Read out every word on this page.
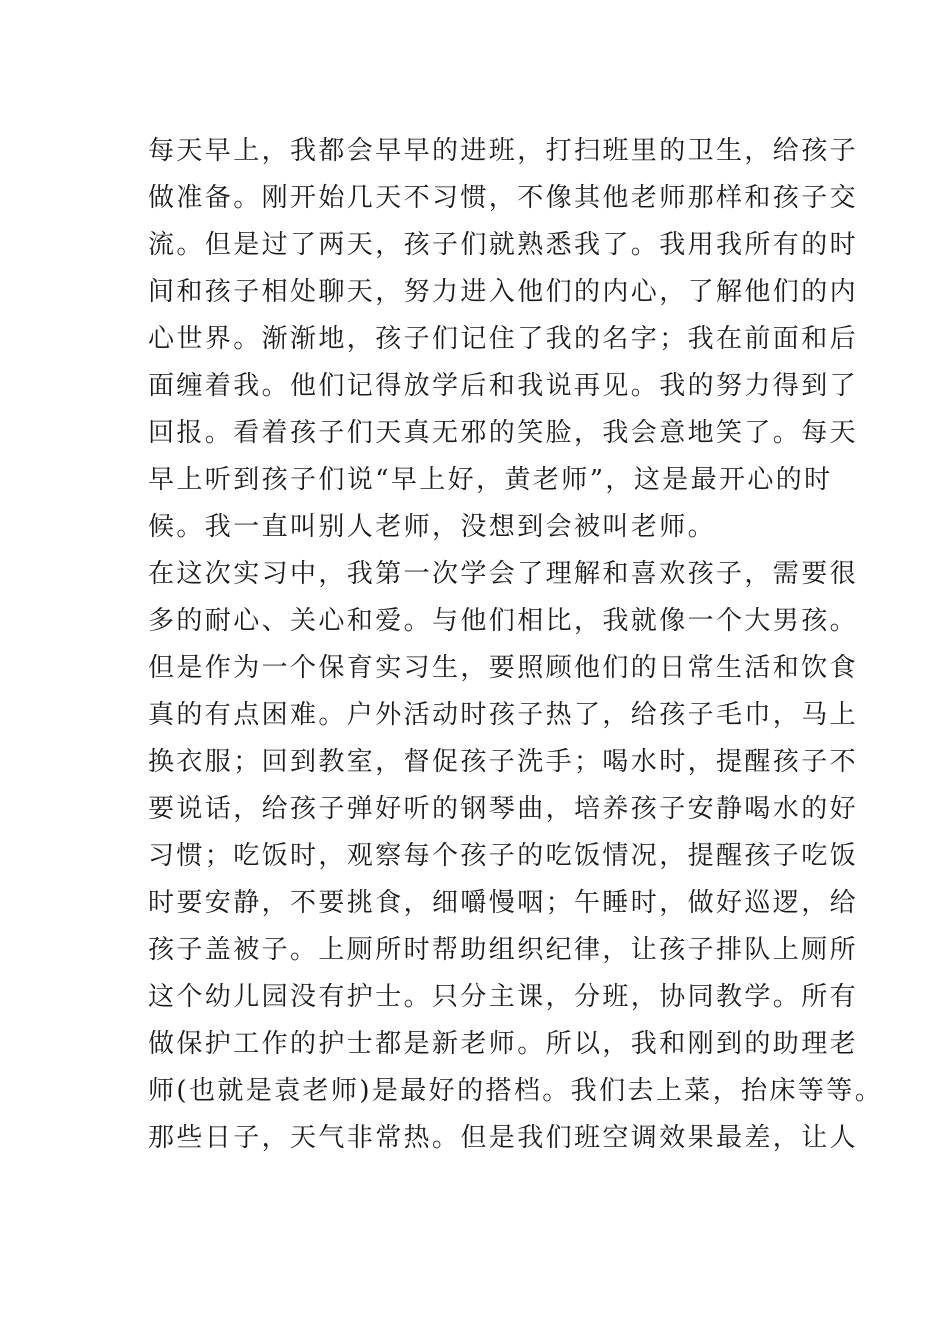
每天早上，我都会早早的进班，打扫班里的卫生，给孩子
做准备。刚开始几天不习惯，不像其他老师那样和孩子交
流。但是过了两天，孩子们就熟悉我了。我用我所有的时
间和孩子相处聊天，努力进入他们的内心，了解他们的内
心世界。渐渐地，孩子们记住了我的名字；我在前面和后
面缠着我。他们记得放学后和我说再见。我的努力得到了
回报。看着孩子们天真无邪的笑脸，我会意地笑了。每天
早上听到孩子们说“早上好，黄老师”，这是最开心的时
候。我一直叫别人老师，没想到会被叫老师。
在这次实习中，我第一次学会了理解和喜欢孩子，需要很
多的耐心、关心和爱。与他们相比，我就像一个大男孩。
但是作为一个保育实习生，要照顾他们的日常生活和饮食
真的有点困难。户外活动时孩子热了，给孩子毛巾，马上
换衣服；回到教室，督促孩子洗手；喝水时，提醒孩子不
要说话，给孩子弹好听的钢琴曲，培养孩子安静喝水的好
习惯；吃饭时，观察每个孩子的吃饭情况，提醒孩子吃饭
时要安静，不要挑食，细嚼慢咽；午睡时，做好巡逻，给
孩子盖被子。上厕所时帮助组织纪律，让孩子排队上厕所
这个幼儿园没有护士。只分主课，分班，协同教学。所有
做保护工作的护士都是新老师。所以，我和刚到的助理老
师(也就是袁老师)是最好的搭档。我们去上菜，抬床等等。
那些日子，天气非常热。但是我们班空调效果最差，让人
